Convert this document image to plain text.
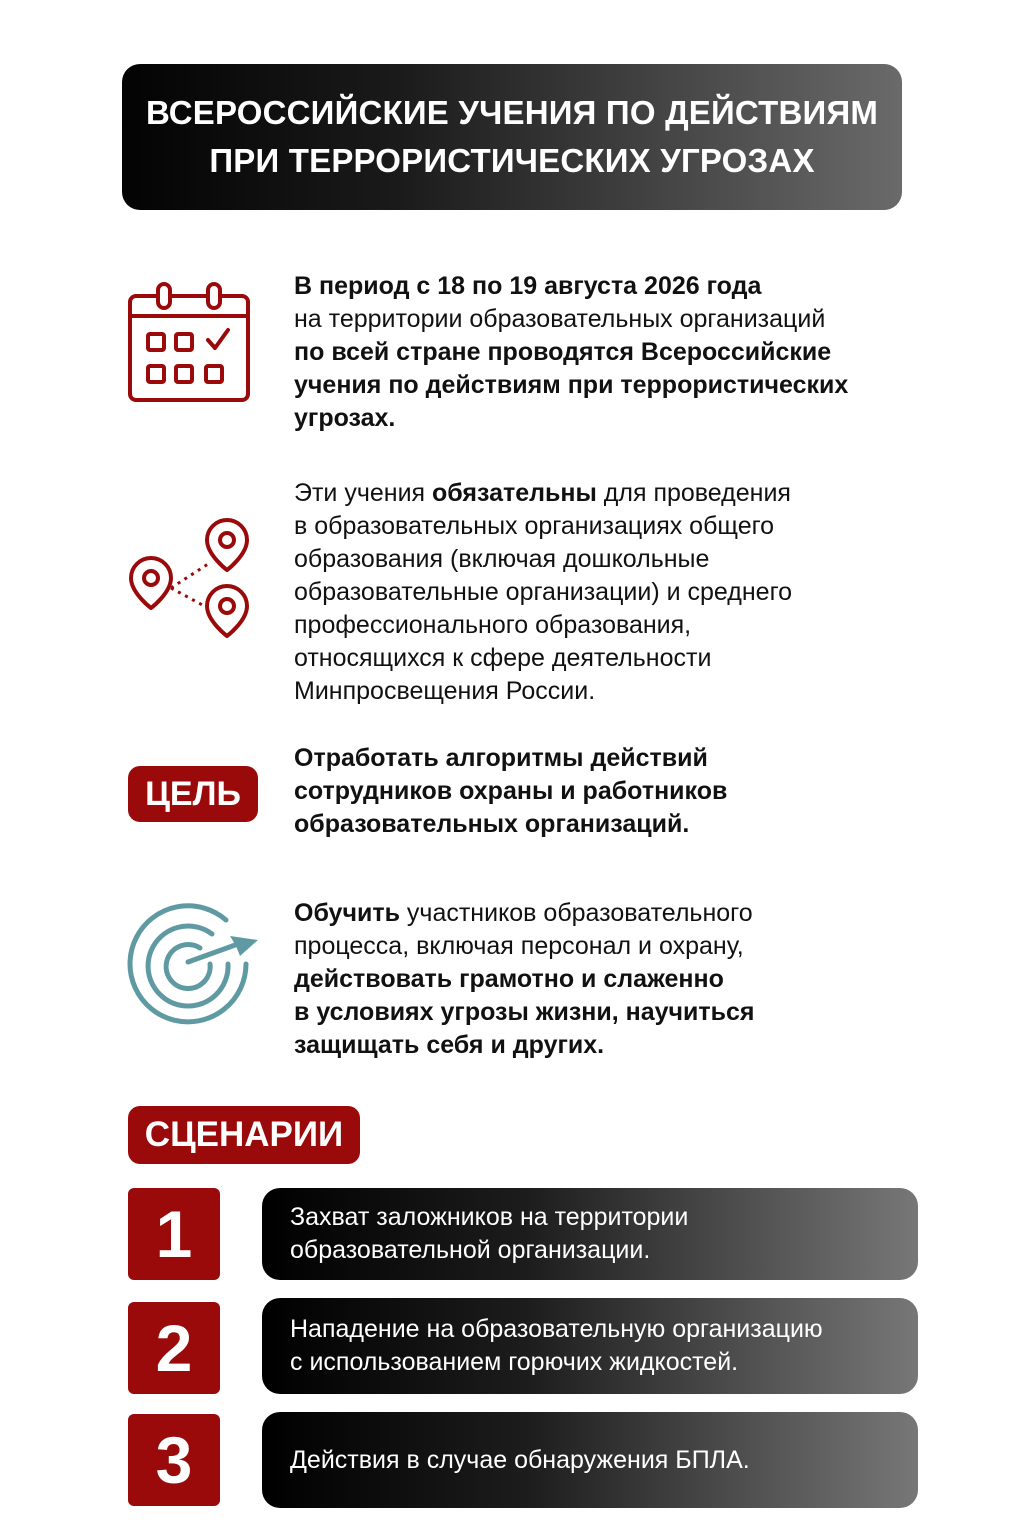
ВСЕРОССИЙСКИЕ УЧЕНИЯ ПО ДЕЙСТВИЯМ
ПРИ ТЕРРОРИСТИЧЕСКИХ УГРОЗАХ
В период с 18 по 19 августа 2026 года
на территории образовательных организаций
по всей стране проводятся Всероссийские
учения по действиям при террористических
угрозах.
Эти учения обязательны для проведения
в образовательных организациях общего
образования (включая дошкольные
образовательные организации) и среднего
профессионального образования,
относящихся к сфере деятельности
Минпросвещения России.
ЦЕЛЬ
Отработать алгоритмы действий
сотрудников охраны и работников
образовательных организаций.
Обучить участников образовательного
процесса, включая персонал и охрану,
действовать грамотно и слаженно
в условиях угрозы жизни, научиться
защищать себя и других.
СЦЕНАРИИ
1	Захват заложников на территории
образовательной организации.
2	Нападение на образовательную организацию
с использованием горючих жидкостей.
3	Действия в случае обнаружения БПЛА.
